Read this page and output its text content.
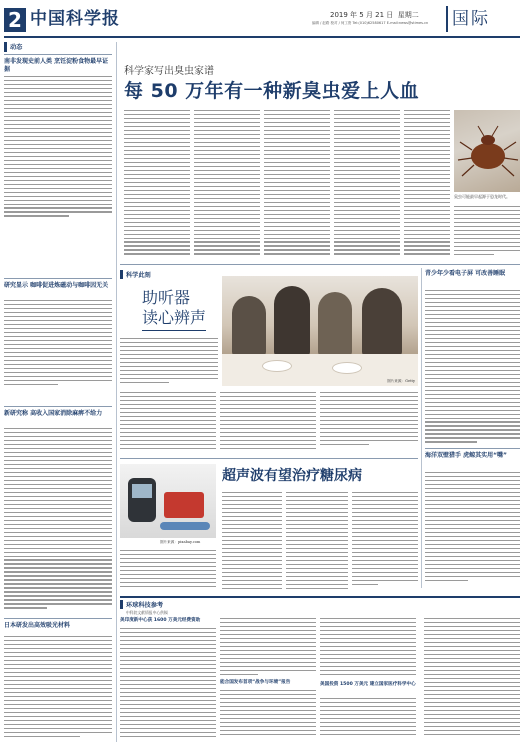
2 中国科学报	2019 年 5 月 21 日 星期二
编辑 / 赵路 校对 / 何工资 Tel:(010)62580617 E-mail:news@stimes.cn	国际
动态
南非发现史前人类 烹饪淀粉食物最早证据
研究显示 咖啡促进炼磁动与咖啡因无关
新研究称 高收入国家消除麻痹不给力
日本研发出高效吸光材料
科学家写出臭虫家谱
每 50 万年有一种新臭虫爱上人血
臭虫可能最早起源于恐龙时代。
科学此刻
助听器
读心辨声
图片来源：Getty
青少年少看电子屏 可改善睡眠
海洋双壁猎手 虎鲸其实用“嘴”
图片来源：pixabay.com
超声波有望治疗糖尿病
环球科技参考
中科院文献情报中心供稿
美印度新中心获 1600 万美元经费资助
能合国发布首项“战争与环境”报告	美国投资 1500 万美元 建立国家医疗科学中心
